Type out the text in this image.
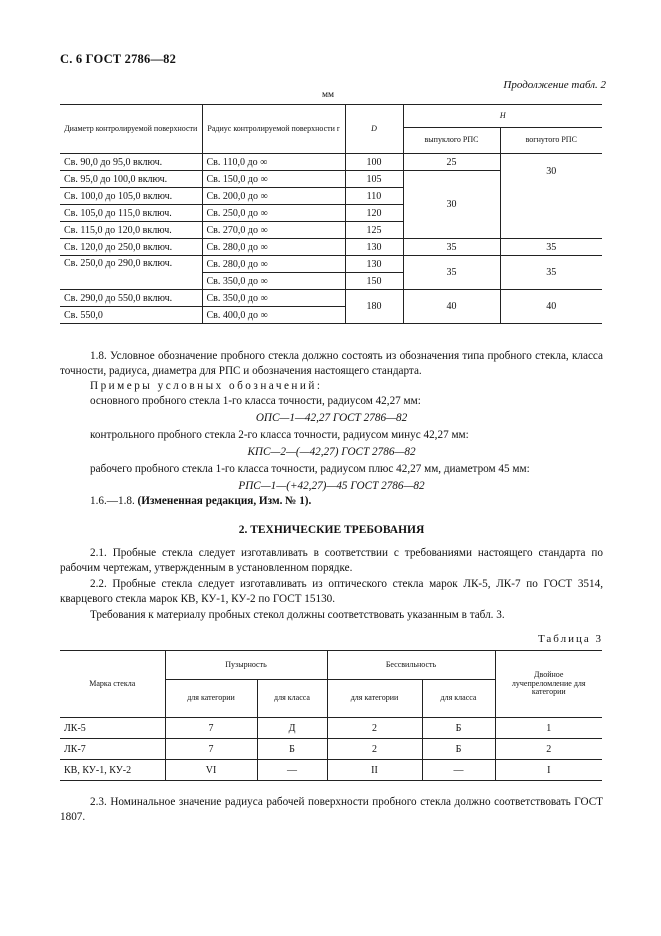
С. 6 ГОСТ 2786—82
Продолжение табл. 2
мм
Диаметр контролируемой поверхности	Радиус контролируемой поверхности r	D	H	
			выпуклого РПС	вогнутого РПС
Св. 90,0 до 95,0 включ.	Св. 110,0 до ∞	100	25	30
Св. 95,0 до 100,0 включ.	Св. 150,0 до ∞	105	30	
Св. 100,0 до 105,0 включ.	Св. 200,0 до ∞	110		
Св. 105,0 до 115,0 включ.	Св. 250,0 до ∞	120		
Св. 115,0 до 120,0 включ.	Св. 270,0 до ∞	125		
Св. 120,0 до 250,0 включ.	Св. 280,0 до ∞	130	35	35
Св. 250,0 до 290,0 включ.	Св. 280,0 до ∞	130	35	35
	Св. 350,0 до ∞	150		
Св. 290,0 до 550,0 включ.	Св. 350,0 до ∞	180	40	40
Св. 550,0	Св. 400,0 до ∞			
1.8. Условное обозначение пробного стекла должно состоять из обозначения типа пробного стекла, класса точности, радиуса, диаметра для РПС и обозначения настоящего стандарта.
Примеры условных обозначений:
основного пробного стекла 1-го класса точности, радиусом 42,27 мм:
ОПС—1—42,27 ГОСТ 2786—82
контрольного пробного стекла 2-го класса точности, радиусом минус 42,27 мм:
КПС—2—(—42,27) ГОСТ 2786—82
рабочего пробного стекла 1-го класса точности, радиусом плюс 42,27 мм, диаметром 45 мм:
РПС—1—(+42,27)—45 ГОСТ 2786—82
1.6.—1.8. (Измененная редакция, Изм. № 1).
2. ТЕХНИЧЕСКИЕ ТРЕБОВАНИЯ
2.1. Пробные стекла следует изготавливать в соответствии с требованиями настоящего стандарта по рабочим чертежам, утвержденным в установленном порядке.
2.2. Пробные стекла следует изготавливать из оптического стекла марок ЛК-5, ЛК-7 по ГОСТ 3514, кварцевого стекла марок КВ, КУ-1, КУ-2 по ГОСТ 15130.
Требования к материалу пробных стекол должны соответствовать указанным в табл. 3.
Таблица 3
Марка стекла	Пузырность		Бессвильность		Двойное лучепреломление для категории
	для категории	для класса	для категории	для класса	
ЛК-5	7	Д	2	Б	1
ЛК-7	7	Б	2	Б	2
КВ, КУ-1, КУ-2	VI	—	II	—	I
2.3. Номинальное значение радиуса рабочей поверхности пробного стекла должно соответствовать ГОСТ 1807.
